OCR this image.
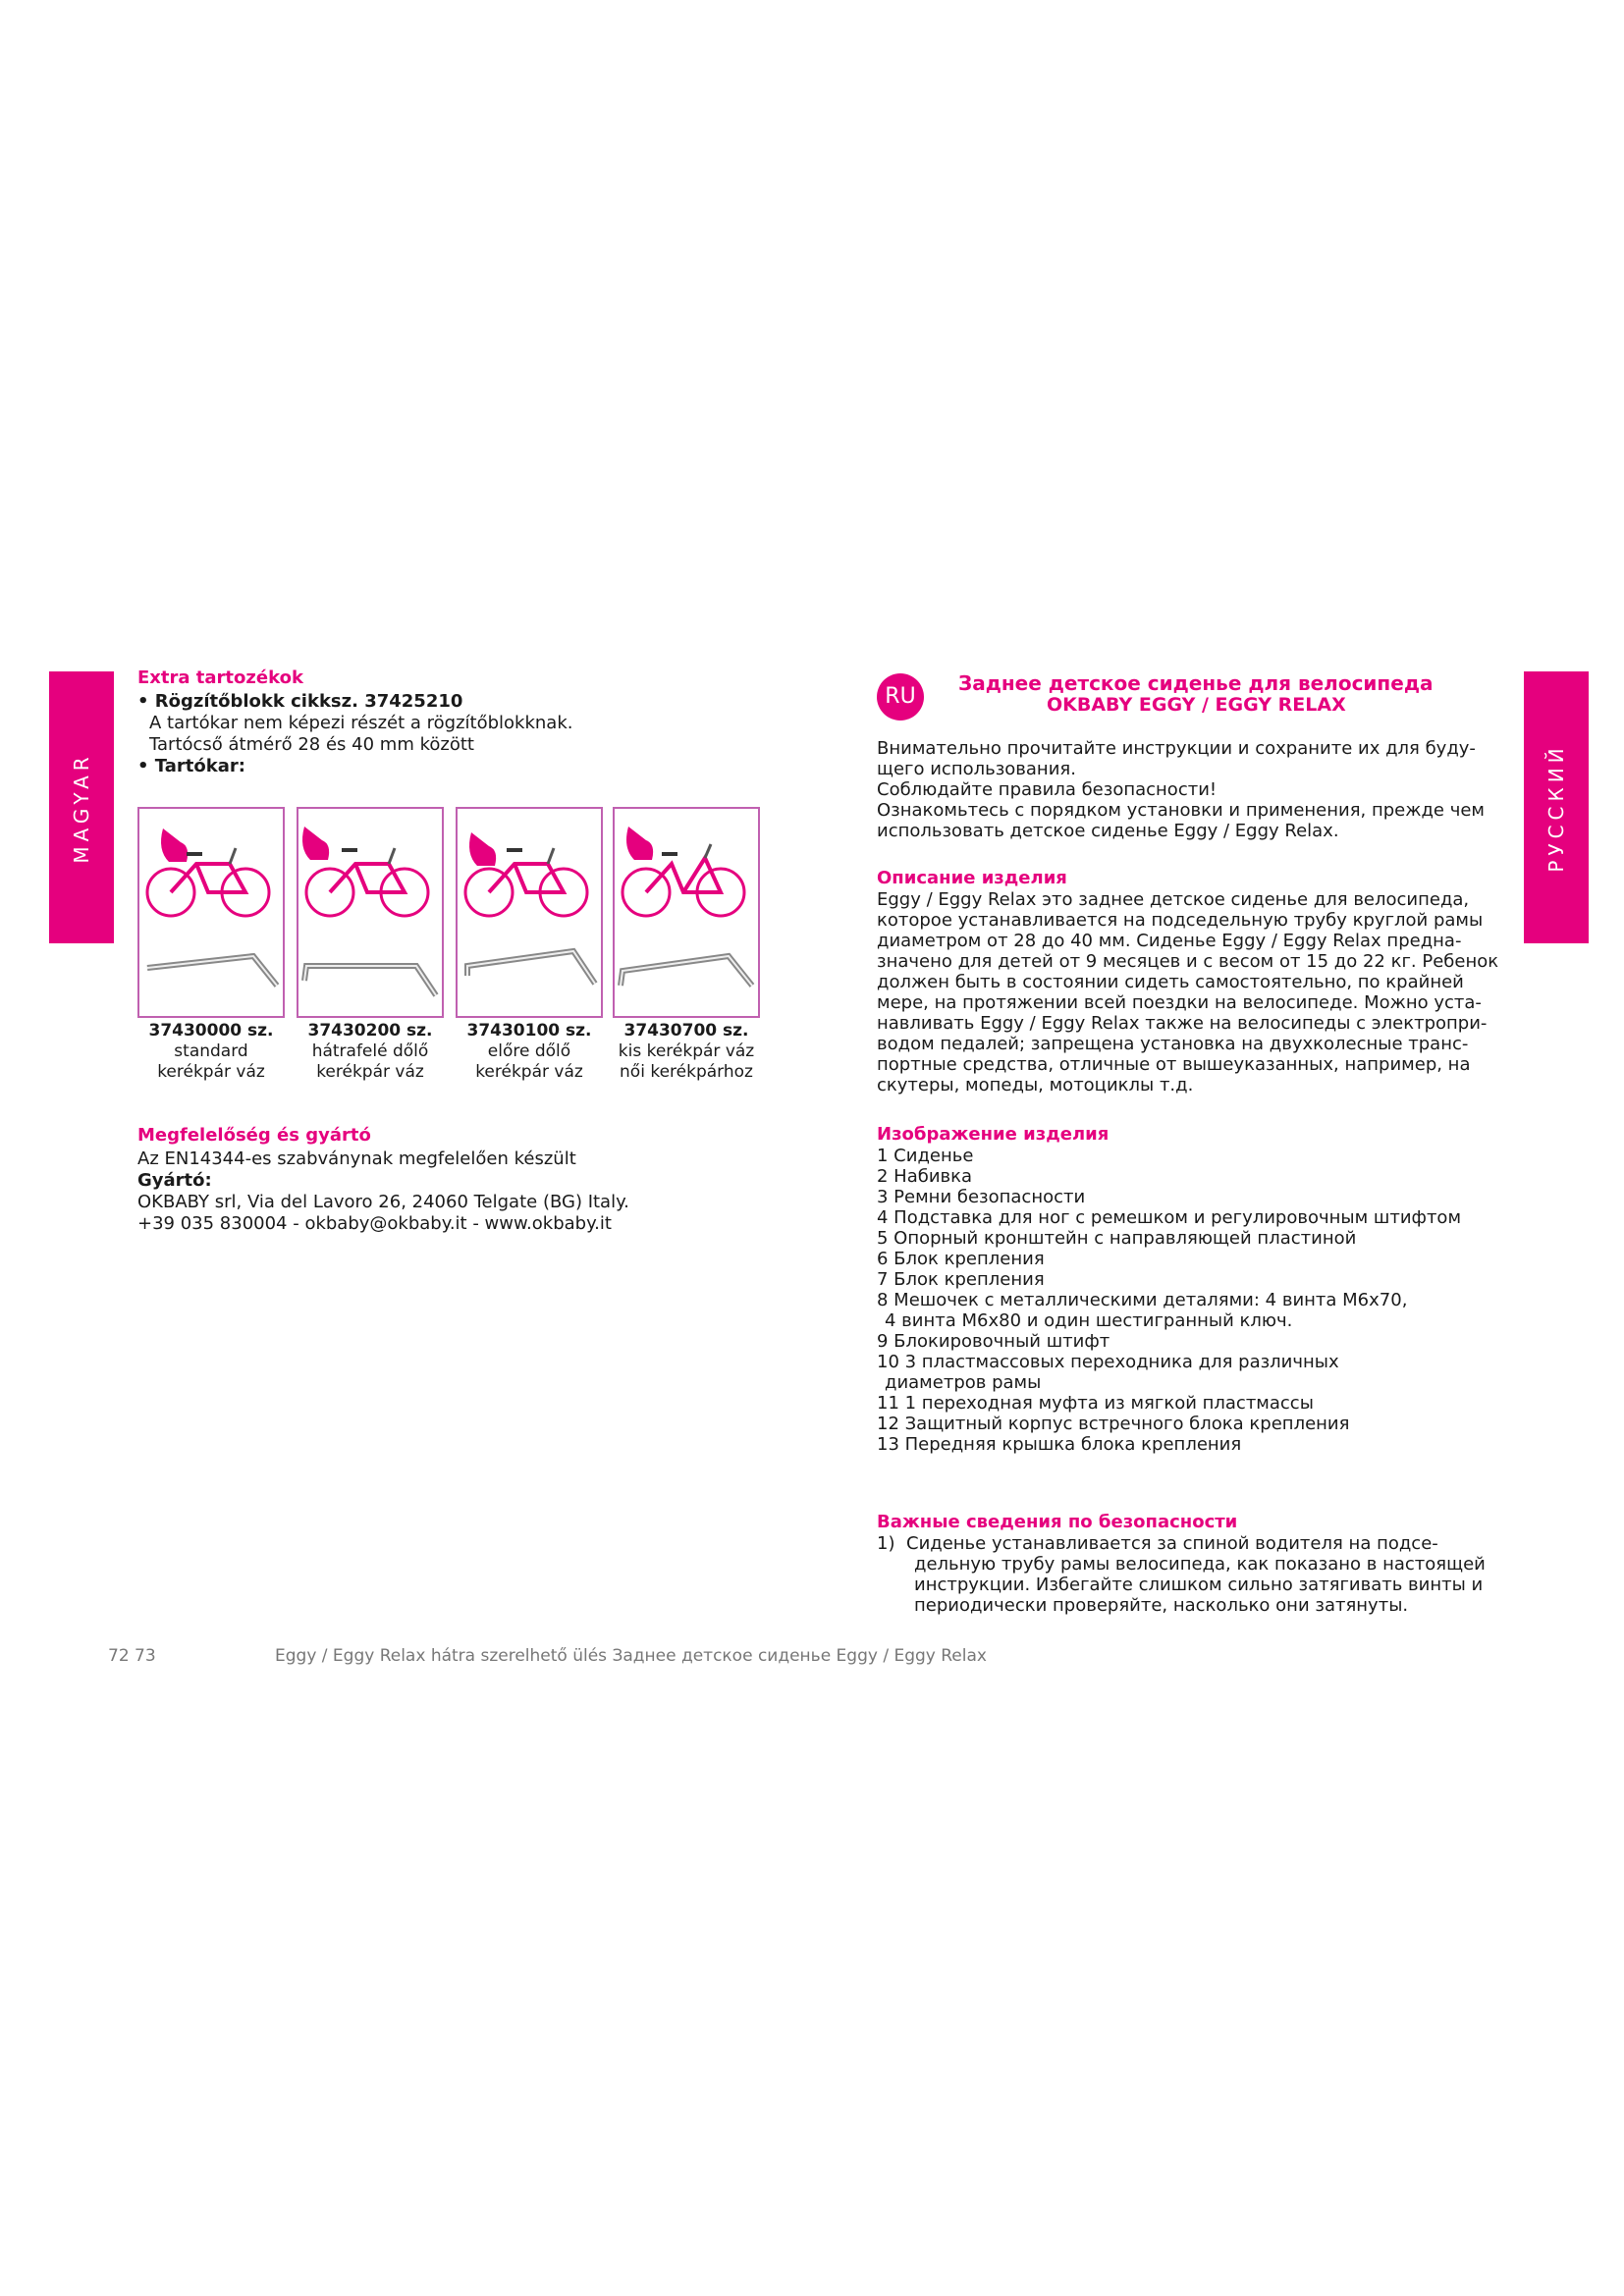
MAGYAR	РУССКИЙ
Extra tartozékok
• Rögzítőblokk cikksz. 37425210
A tartókar nem képezi részét a rögzítőblokknak.
Tartócső átmérő 28 és 40 mm között
• Tartókar:
37430000 sz.
standard
kerékpár váz
37430200 sz.
hátrafelé dőlő
kerékpár váz
37430100 sz.
előre dőlő
kerékpár váz
37430700 sz.
kis kerékpár váz
női kerékpárhoz
Megfelelőség és gyártó
Az EN14344-es szabványnak megfelelően készült
Gyártó:
OKBABY srl, Via del Lavoro 26, 24060 Telgate (BG) Italy.
+39 035 830004 - okbaby@okbaby.it - www.okbaby.it
RU
Заднее детское сиденье для велосипеда
OKBABY EGGY / EGGY RELAX
Внимательно прочитайте инструкции и сохраните их для буду-
щего использования.
Соблюдайте правила безопасности!
Ознакомьтесь с порядком установки и применения, прежде чем
использовать детское сиденье Eggy / Eggy Relax.
Описание изделия
Eggy / Eggy Relax это заднее детское сиденье для велосипеда,
которое устанавливается на подседельную трубу круглой рамы
диаметром от 28 до 40 мм. Сиденье Eggy / Eggy Relax предна-
значено для детей от 9 месяцев и с весом от 15 до 22 кг. Ребенок
должен быть в состоянии сидеть самостоятельно, по крайней
мере, на протяжении всей поездки на велосипеде. Можно уста-
навливать Eggy / Eggy Relax также на велосипеды с электропри-
водом педалей; запрещена установка на двухколесные транс-
портные средства, отличные от вышеуказанных, например, на
скутеры, мопеды, мотоциклы т.д.
Изображение изделия
1 Сиденье
2 Набивка
3 Ремни безопасности
4 Подставка для ног с ремешком и регулировочным штифтом
5 Опорный кронштейн с направляющей пластиной
6 Блок крепления
7 Блок крепления
8 Мешочек с металлическими деталями: 4 винта M6x70,
4 винта M6x80 и один шестигранный ключ.
9 Блокировочный штифт
10 3 пластмассовых переходника для различных
диаметров рамы
11 1 переходная муфта из мягкой пластмассы
12 Защитный корпус встречного блока крепления
13 Передняя крышка блока крепления
Важные сведения по безопасности
1) Сиденье устанавливается за спиной водителя на подсе-
дельную трубу рамы велосипеда, как показано в настоящей
инструкции. Избегайте слишком сильно затягивать винты и
периодически проверяйте, насколько они затянуты.
72 73	Eggy / Eggy Relax hátra szerelhető ülés Заднее детское сиденье Eggy / Eggy Relax
